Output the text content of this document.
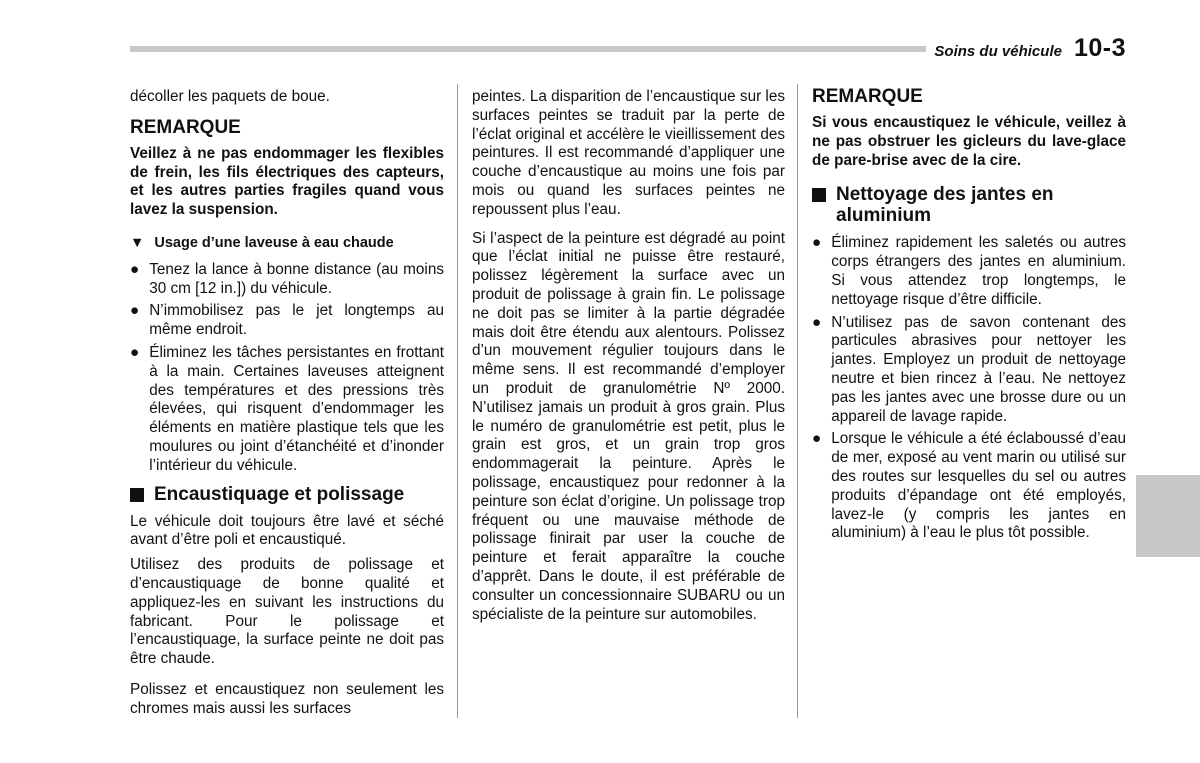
Soins du véhicule 10-3

décoller les paquets de boue.

REMARQUE

Veillez à ne pas endommager les flexibles de frein, les fils électriques des capteurs, et les autres parties fragiles quand vous lavez la suspension.

▼ Usage d’une laveuse à eau chaude
● Tenez la lance à bonne distance (au moins 30 cm [12 in.]) du véhicule.
● N’immobilisez pas le jet longtemps au même endroit.
● Éliminez les tâches persistantes en frottant à la main. Certaines laveuses atteignent des températures et des pressions très élevées, qui risquent d’endommager les éléments en matière plastique tels que les moulures ou joint d’étanchéité et d’inonder l’intérieur du véhicule.
Encaustiquage et polissage

Le véhicule doit toujours être lavé et séché avant d’être poli et encaustiqué.

Utilisez des produits de polissage et d’encaustiquage de bonne qualité et appliquez-les en suivant les instructions du fabricant. Pour le polissage et l’encaustiquage, la surface peinte ne doit pas être chaude.

Polissez et encaustiquez non seulement les chromes mais aussi les surfaces

peintes. La disparition de l’encaustique sur les surfaces peintes se traduit par la perte de l’éclat original et accélère le vieillissement des peintures. Il est recommandé d’appliquer une couche d’encaustique au moins une fois par mois ou quand les surfaces peintes ne repoussent plus l’eau.

Si l’aspect de la peinture est dégradé au point que l’éclat initial ne puisse être restauré, polissez légèrement la surface avec un produit de polissage à grain fin. Le polissage ne doit pas se limiter à la partie dégradée mais doit être étendu aux alentours. Polissez d’un mouvement régulier toujours dans le même sens. Il est recommandé d’employer un produit de granulométrie Nº 2000. N’utilisez jamais un produit à gros grain. Plus le numéro de granulométrie est petit, plus le grain est gros, et un grain trop gros endommagerait la peinture. Après le polissage, encaustiquez pour redonner à la peinture son éclat d’origine. Un polissage trop fréquent ou une mauvaise méthode de polissage finirait par user la couche de peinture et ferait apparaître la couche d’apprêt. Dans le doute, il est préférable de consulter un concessionnaire SUBARU ou un spécialiste de la peinture sur automobiles.

REMARQUE

Si vous encaustiquez le véhicule, veillez à ne pas obstruer les gicleurs du lave-glace de pare-brise avec de la cire.

Nettoyage des jantes en aluminium
● Éliminez rapidement les saletés ou autres corps étrangers des jantes en aluminium. Si vous attendez trop longtemps, le nettoyage risque d’être difficile.
● N’utilisez pas de savon contenant des particules abrasives pour nettoyer les jantes. Employez un produit de nettoyage neutre et bien rincez à l’eau. Ne nettoyez pas les jantes avec une brosse dure ou un appareil de lavage rapide.
● Lorsque le véhicule a été éclaboussé d’eau de mer, exposé au vent marin ou utilisé sur des routes sur lesquelles du sel ou autres produits d’épandage ont été employés, lavez-le (y compris les jantes en aluminium) à l’eau le plus tôt possible.
